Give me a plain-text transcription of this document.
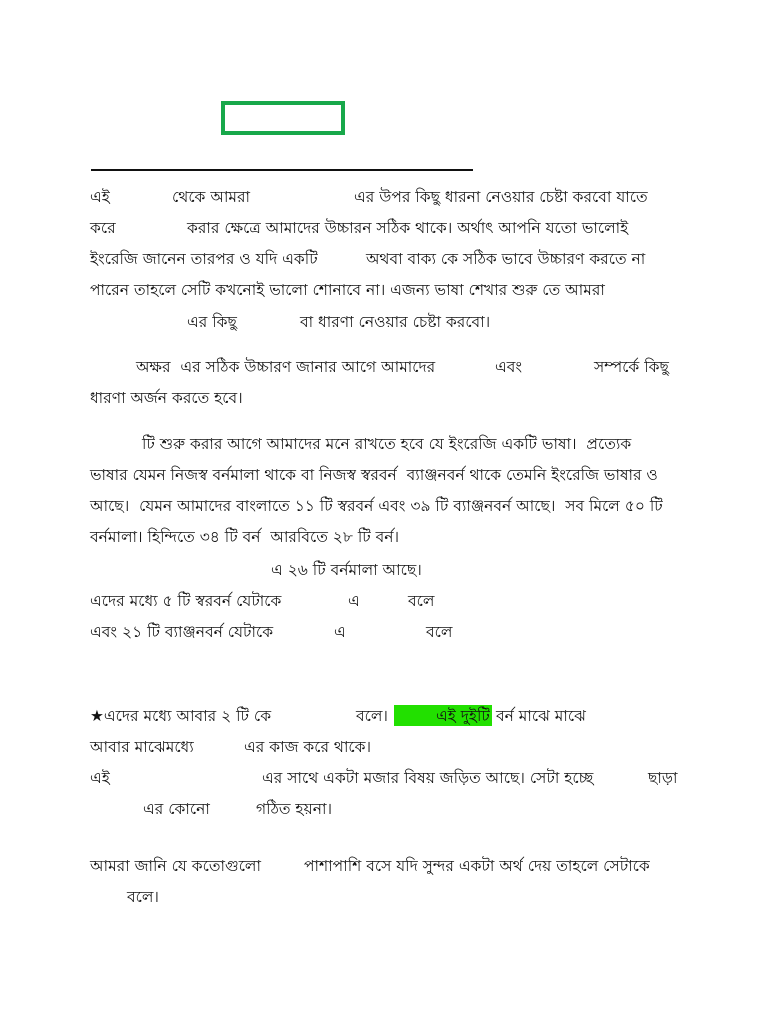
এই	থেকে আমরা	এর উপর কিছু ধারনা নেওয়ার চেষ্টা করবো যাতে
করে	করার ক্ষেত্রে আমাদের উচ্চারন সঠিক থাকে। অর্থাৎ আপনি যতো ভালোই
ইংরেজি জানেন তারপর ও যদি একটি	অথবা বাক্য কে সঠিক ভাবে উচ্চারণ করতে না
পারেন তাহলে সেটি কখনোই ভালো শোনাবে না। এজন্য ভাষা শেখার শুরু তে আমরা
এর কিছু	বা ধারণা নেওয়ার চেষ্টা করবো।
অক্ষর  এর সঠিক উচ্চারণ জানার আগে আমাদের	এবং	সম্পর্কে কিছু
ধারণা অর্জন করতে হবে।
টি শুরু করার আগে আমাদের মনে রাখতে হবে যে ইংরেজি একটি ভাষা।  প্রত্যেক
ভাষার যেমন নিজস্ব বর্নমালা থাকে বা নিজস্ব স্বরবর্ন  ব্যাঞ্জনবর্ন থাকে তেমনি ইংরেজি ভাষার ও
আছে।  যেমন আমাদের বাংলাতে ১১ টি স্বরবর্ন এবং ৩৯ টি ব্যাঞ্জনবর্ন আছে।  সব মিলে ৫০ টি
বর্নমালা। হিন্দিতে ৩৪ টি বর্ন  আরবিতে ২৮ টি বর্ন।
এ ২৬ টি বর্নমালা আছে।
এদের মধ্যে ৫ টি স্বরবর্ন যেটাকে	এ	বলে
এবং ২১ টি ব্যাঞ্জনবর্ন যেটাকে	এ	বলে
★এদের মধ্যে আবার ২ টি কে	বলে।	এই দুইটি বর্ন মাঝে মাঝে
আবার মাঝেমধ্যে	এর কাজ করে থাকে।
এই	এর সাথে একটা মজার বিষয় জড়িত আছে। সেটা হচ্ছে	ছাড়া
এর কোনো	গঠিত হয়না।
আমরা জানি যে কতোগুলো	পাশাপাশি বসে যদি সুন্দর একটা অর্থ দেয় তাহলে সেটাকে
বলে।
